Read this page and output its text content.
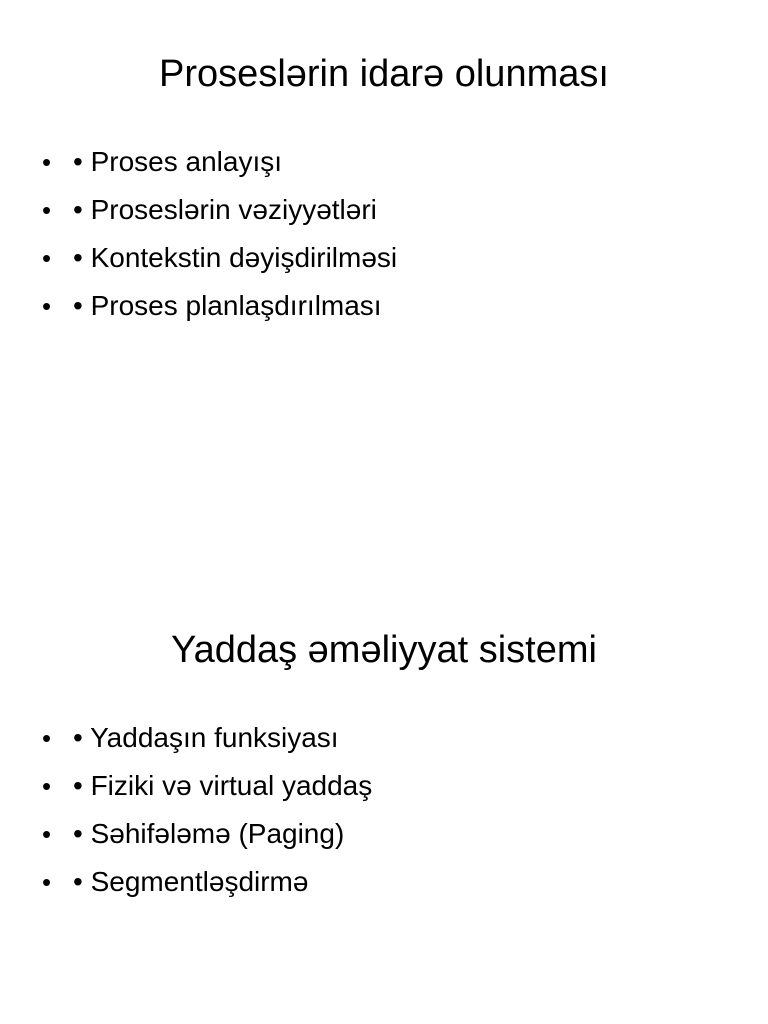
Proseslərin idarə olunması
• • Proses anlayışı
• • Proseslərin vəziyyətləri
• • Kontekstin dəyişdirilməsi
• • Proses planlaşdırılması
Yaddaş əməliyyat sistemi
• • Yaddaşın funksiyası
• • Fiziki və virtual yaddaş
• • Səhifələmə (Paging)
• • Segmentləşdirmə
